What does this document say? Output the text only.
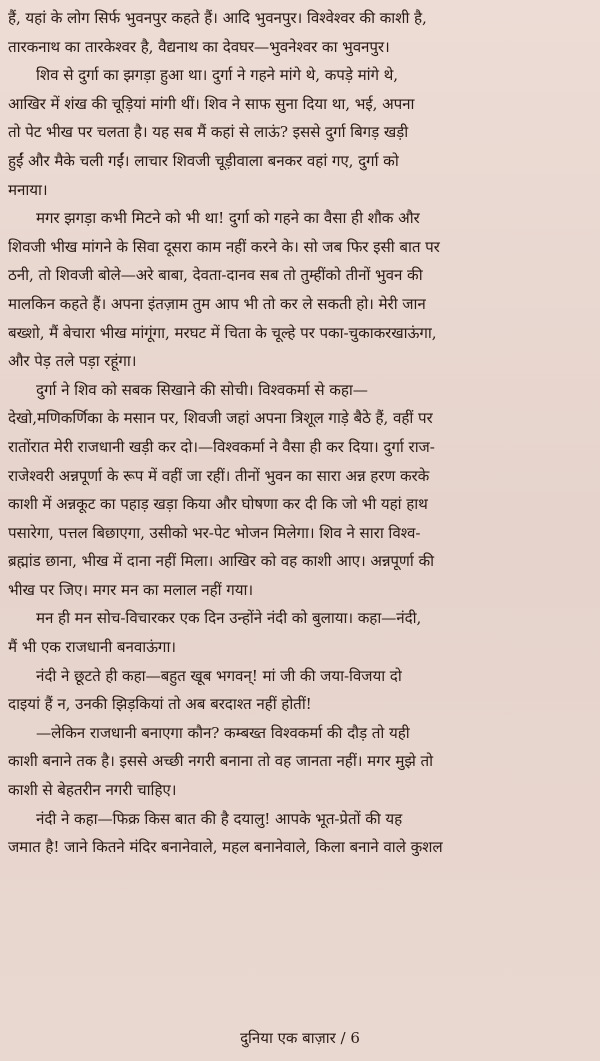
हैं, यहां के लोग सिर्फ भुवनपुर कहते हैं। आदि भुवनपुर। विश्वेश्वर की काशी है,
तारकनाथ का तारकेश्वर है, वैद्यनाथ का देवघर—भुवनेश्वर का भुवनपुर।
शिव से दुर्गा का झगड़ा हुआ था। दुर्गा ने गहने मांगे थे, कपड़े मांगे थे,
आखिर में शंख की चूड़ियां मांगी थीं। शिव ने साफ सुना दिया था, भई, अपना
तो पेट भीख पर चलता है। यह सब मैं कहां से लाऊं? इससे दुर्गा बिगड़ खड़ी
हुईं और मैके चली गईं। लाचार शिवजी चूड़ीवाला बनकर वहां गए, दुर्गा को
मनाया।
मगर झगड़ा कभी मिटने को भी था! दुर्गा को गहने का वैसा ही शौक और
शिवजी भीख मांगने के सिवा दूसरा काम नहीं करने के। सो जब फिर इसी बात पर
ठनी, तो शिवजी बोले—अरे बाबा, देवता-दानव सब तो तुम्हींको तीनों भुवन की
मालकिन कहते हैं। अपना इंतज़ाम तुम आप भी तो कर ले सकती हो। मेरी जान
बख्शो, मैं बेचारा भीख मांगूंगा, मरघट में चिता के चूल्हे पर पका-चुकाकरखाऊंगा,
और पेड़ तले पड़ा रहूंगा।
दुर्गा ने शिव को सबक सिखाने की सोची। विश्वकर्मा से कहा—
देखो,मणिकर्णिका के मसान पर, शिवजी जहां अपना त्रिशूल गाड़े बैठे हैं, वहीं पर
रातोंरात मेरी राजधानी खड़ी कर दो।—विश्वकर्मा ने वैसा ही कर दिया। दुर्गा राज-
राजेश्वरी अन्नपूर्णा के रूप में वहीं जा रहीं। तीनों भुवन का सारा अन्न हरण करके
काशी में अन्नकूट का पहाड़ खड़ा किया और घोषणा कर दी कि जो भी यहां हाथ
पसारेगा, पत्तल बिछाएगा, उसीको भर-पेट भोजन मिलेगा। शिव ने सारा विश्व-
ब्रह्मांड छाना, भीख में दाना नहीं मिला। आखिर को वह काशी आए। अन्नपूर्णा की
भीख पर जिए। मगर मन का मलाल नहीं गया।
मन ही मन सोच-विचारकर एक दिन उन्होंने नंदी को बुलाया। कहा—नंदी,
मैं भी एक राजधानी बनवाऊंगा।
नंदी ने छूटते ही कहा—बहुत खूब भगवन्! मां जी की जया-विजया दो
दाइयां हैं न, उनकी झिड़कियां तो अब बरदाश्त नहीं होतीं!
—लेकिन राजधानी बनाएगा कौन? कम्बख्त विश्वकर्मा की दौड़ तो यही
काशी बनाने तक है। इससे अच्छी नगरी बनाना तो वह जानता नहीं। मगर मुझे तो
काशी से बेहतरीन नगरी चाहिए।
नंदी ने कहा—फिक्र किस बात की है दयालु! आपके भूत-प्रेतों की यह
जमात है! जाने कितने मंदिर बनानेवाले, महल बनानेवाले, किला बनाने वाले कुशल
दुनिया एक बाज़ार / 6
